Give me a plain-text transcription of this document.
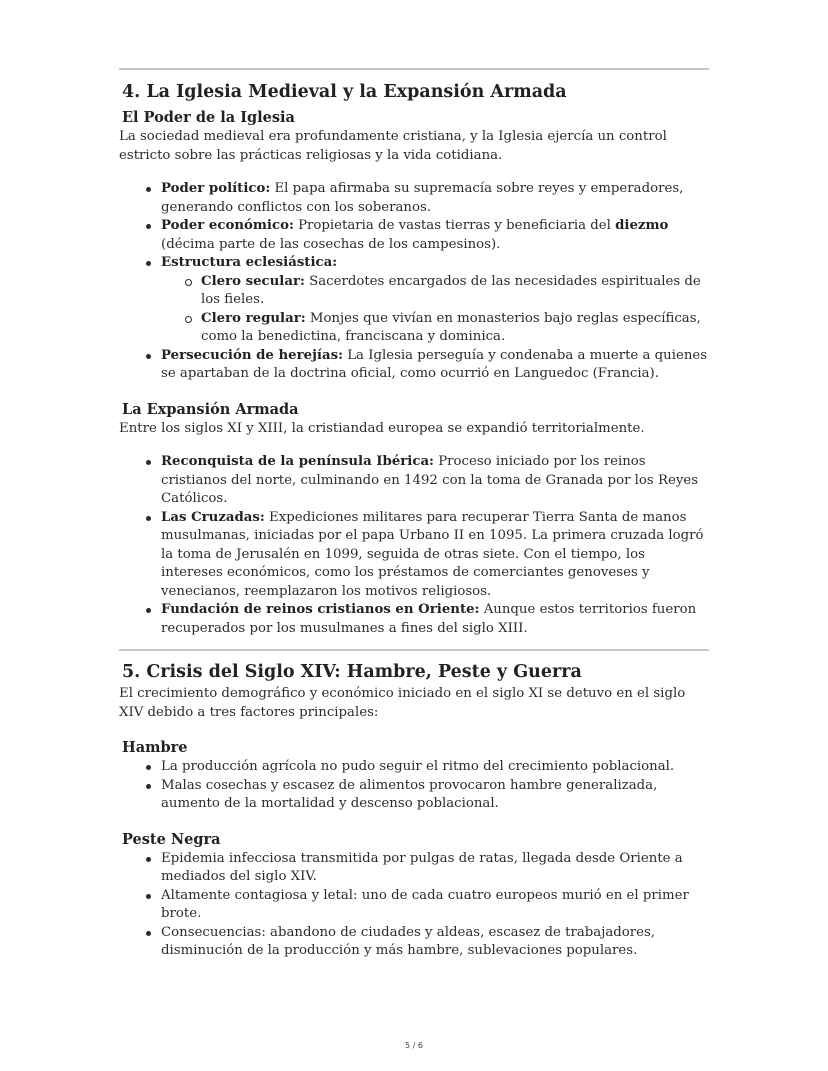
4. La Iglesia Medieval y la Expansión Armada
El Poder de la Iglesia

La sociedad medieval era profundamente cristiana, y la Iglesia ejercía un control estricto sobre las prácticas religiosas y la vida cotidiana.

Poder político: El papa afirmaba su supremacía sobre reyes y emperadores, generando conflictos con los soberanos.
Poder económico: Propietaria de vastas tierras y beneficiaria del diezmo (décima parte de las cosechas de los campesinos).
Estructura eclesiástica:
Clero secular: Sacerdotes encargados de las necesidades espirituales de los fieles.
Clero regular: Monjes que vivían en monasterios bajo reglas específicas, como la benedictina, franciscana y dominica.
Persecución de herejías: La Iglesia perseguía y condenaba a muerte a quienes se apartaban de la doctrina oficial, como ocurrió en Languedoc (Francia).
La Expansión Armada

Entre los siglos XI y XIII, la cristiandad europea se expandió territorialmente.

Reconquista de la península Ibérica: Proceso iniciado por los reinos cristianos del norte, culminando en 1492 con la toma de Granada por los Reyes Católicos.
Las Cruzadas: Expediciones militares para recuperar Tierra Santa de manos musulmanas, iniciadas por el papa Urbano II en 1095. La primera cruzada logró la toma de Jerusalén en 1099, seguida de otras siete. Con el tiempo, los intereses económicos, como los préstamos de comerciantes genoveses y venecianos, reemplazaron los motivos religiosos.
Fundación de reinos cristianos en Oriente: Aunque estos territorios fueron recuperados por los musulmanes a fines del siglo XIII.
5. Crisis del Siglo XIV: Hambre, Peste y Guerra

El crecimiento demográfico y económico iniciado en el siglo XI se detuvo en el siglo XIV debido a tres factores principales:

Hambre
La producción agrícola no pudo seguir el ritmo del crecimiento poblacional.
Malas cosechas y escasez de alimentos provocaron hambre generalizada, aumento de la mortalidad y descenso poblacional.
Peste Negra
Epidemia infecciosa transmitida por pulgas de ratas, llegada desde Oriente a mediados del siglo XIV.
Altamente contagiosa y letal: uno de cada cuatro europeos murió en el primer brote.
Consecuencias: abandono de ciudades y aldeas, escasez de trabajadores, disminución de la producción y más hambre, sublevaciones populares.
5 / 6
